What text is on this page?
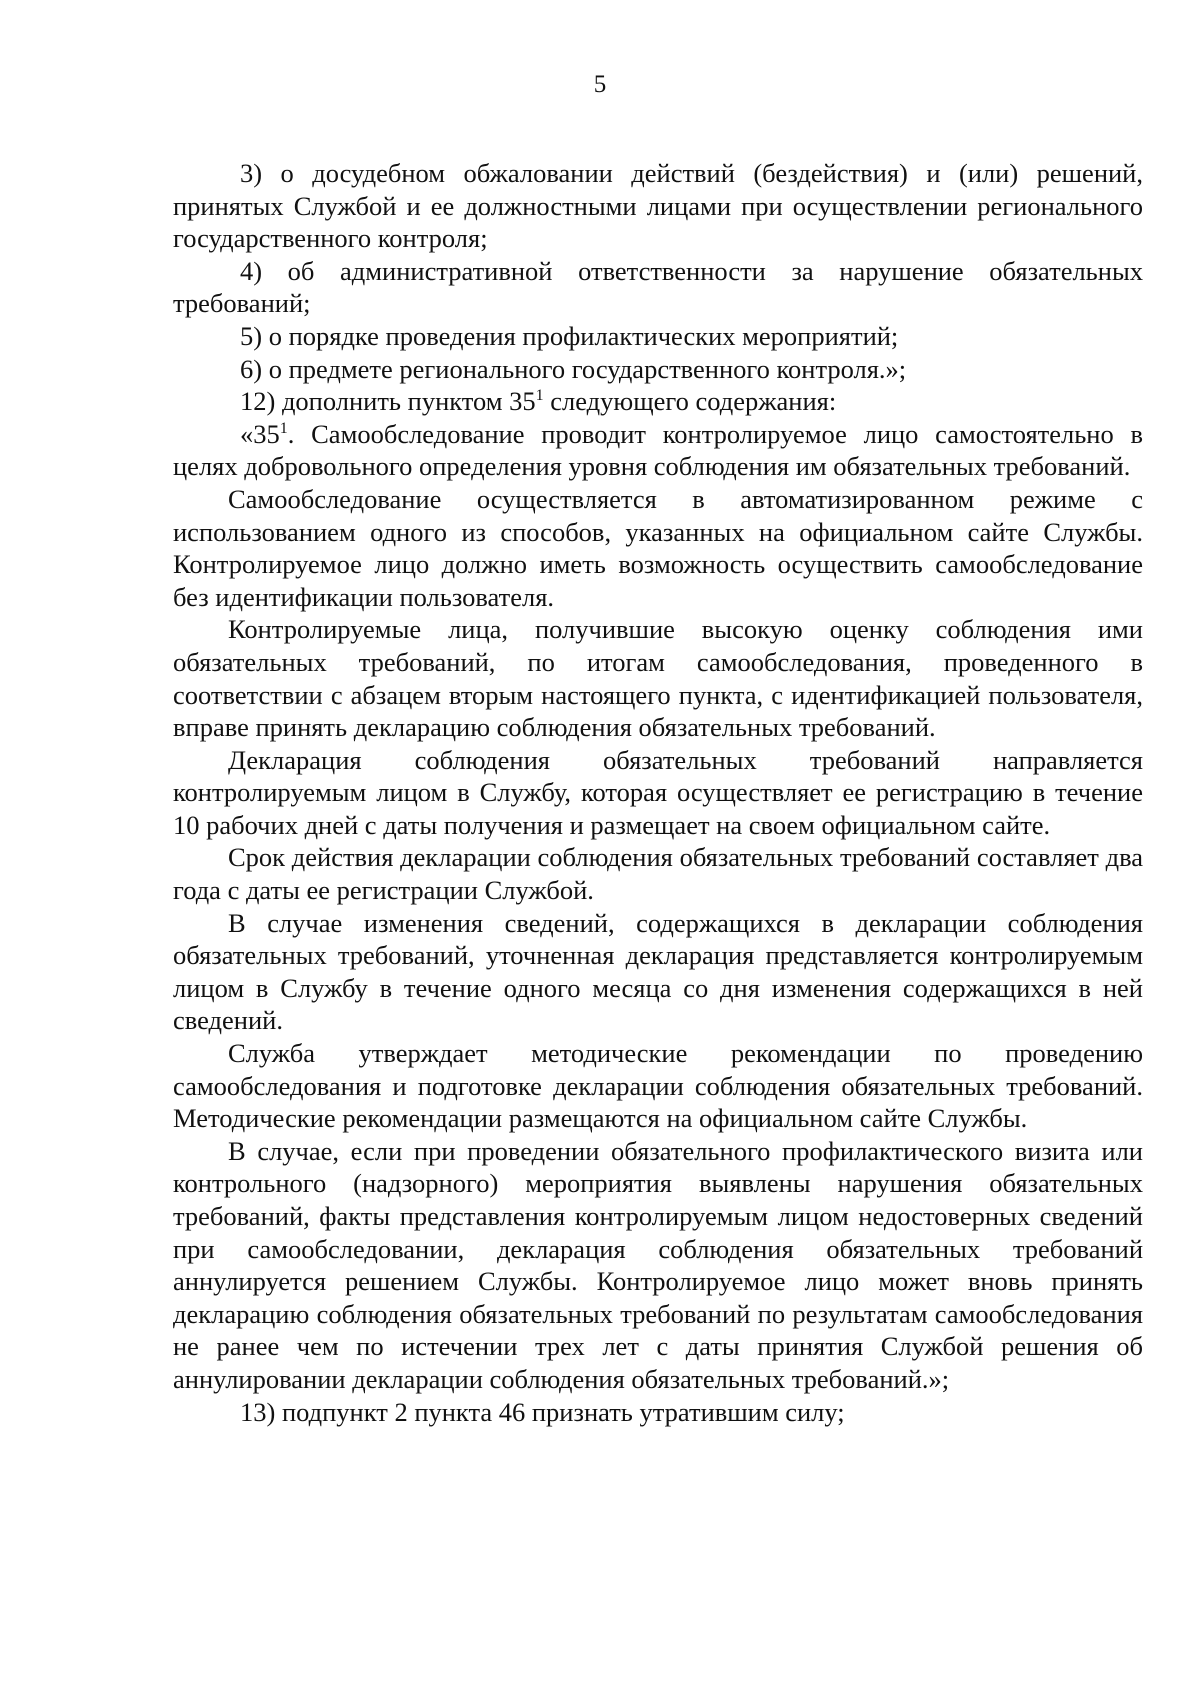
5

3) о досудебном обжаловании действий (бездействия) и (или) решений, принятых Службой и ее должностными лицами при осуществлении регионального государственного контроля;

4) об административной ответственности за нарушение обязательных требований;

5) о порядке проведения профилактических мероприятий;

6) о предмете регионального государственного контроля.»;

12) дополнить пунктом $35^1$ следующего содержания:

«$35^1$. Самообследование проводит контролируемое лицо самостоятельно в целях добровольного определения уровня соблюдения им обязательных требований.

Самообследование осуществляется в автоматизированном режиме с использованием одного из способов, указанных на официальном сайте Службы. Контролируемое лицо должно иметь возможность осуществить самообследование без идентификации пользователя.

Контролируемые лица, получившие высокую оценку соблюдения ими обязательных требований, по итогам самообследования, проведенного в соответствии с абзацем вторым настоящего пункта, с идентификацией пользователя, вправе принять декларацию соблюдения обязательных требований.

Декларация соблюдения обязательных требований направляется контролируемым лицом в Службу, которая осуществляет ее регистрацию в течение 10 рабочих дней с даты получения и размещает на своем официальном сайте.

Срок действия декларации соблюдения обязательных требований составляет два года с даты ее регистрации Службой.

В случае изменения сведений, содержащихся в декларации соблюдения обязательных требований, уточненная декларация представляется контролируемым лицом в Службу в течение одного месяца со дня изменения содержащихся в ней сведений.

Служба утверждает методические рекомендации по проведению самообследования и подготовке декларации соблюдения обязательных требований. Методические рекомендации размещаются на официальном сайте Службы.

В случае, если при проведении обязательного профилактического визита или контрольного (надзорного) мероприятия выявлены нарушения обязательных требований, факты представления контролируемым лицом недостоверных сведений при самообследовании, декларация соблюдения обязательных требований аннулируется решением Службы. Контролируемое лицо может вновь принять декларацию соблюдения обязательных требований по результатам самообследования не ранее чем по истечении трех лет с даты принятия Службой решения об аннулировании декларации соблюдения обязательных требований.»;

13) подпункт 2 пункта 46 признать утратившим силу;
